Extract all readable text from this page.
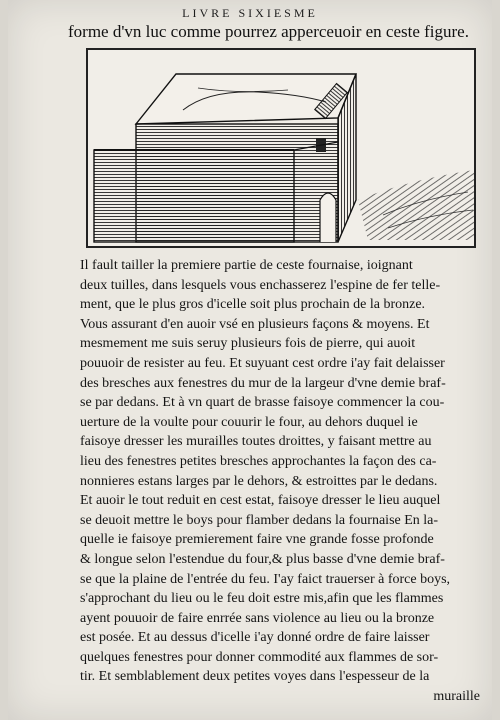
LIVRE SIXIESME
forme d'vn luc comme pourrez apperceuoir en ceste figure.
Il fault tailler la premiere partie de ceste fournaise, ioignant
deux tuilles, dans lesquels vous enchasserez l'espine de fer telle-
ment, que le plus gros d'icelle soit plus prochain de la bronze.
Vous assurant d'en auoir vsé en plusieurs façons & moyens. Et
mesmement me suis seruy plusieurs fois de pierre, qui auoit
pouuoir de resister au feu. Et suyuant cest ordre i'ay fait delaisser
des bresches aux fenestres du mur de la largeur d'vne demie braf-
se par dedans. Et à vn quart de brasse faisoye commencer la cou-
uerture de la voulte pour couurir le four, au dehors duquel ie
faisoye dresser les murailles toutes droittes, y faisant mettre au
lieu des fenestres petites bresches approchantes la façon des ca-
nonnieres estans larges par le dehors, & estroittes par le dedans.
Et auoir le tout reduit en cest estat, faisoye dresser le lieu auquel
se deuoit mettre le boys pour flamber dedans la fournaise En la-
quelle ie faisoye premierement faire vne grande fosse profonde
& longue selon l'estendue du four,& plus basse d'vne demie braf-
se que la plaine de l'entrée du feu. I'ay faict trauerser à force boys,
s'approchant du lieu ou le feu doit estre mis,afin que les flammes
ayent pouuoir de faire enrrée sans violence au lieu ou la bronze
est posée. Et au dessus d'icelle i'ay donné ordre de faire laisser
quelques fenestres pour donner commodité aux flammes de sor-
tir. Et semblablement deux petites voyes dans l'espesseur de la
muraille
